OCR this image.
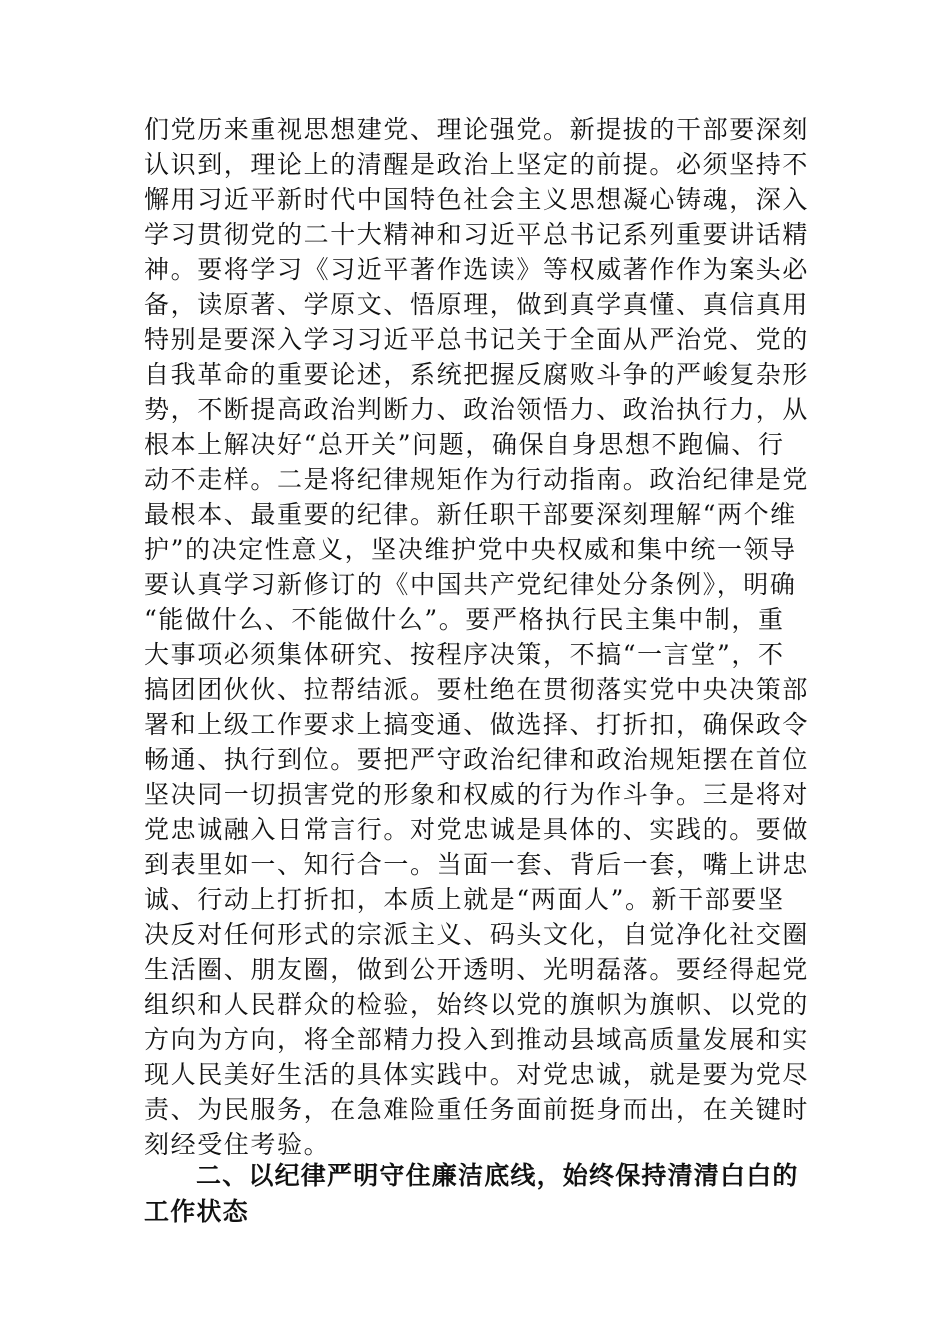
们党历来重视思想建党、理论强党。新提拔的干部要深刻
认识到，理论上的清醒是政治上坚定的前提。必须坚持不
懈用习近平新时代中国特色社会主义思想凝心铸魂，深入
学习贯彻党的二十大精神和习近平总书记系列重要讲话精
神。要将学习《习近平著作选读》等权威著作作为案头必
备，读原著、学原文、悟原理，做到真学真懂、真信真用
特别是要深入学习习近平总书记关于全面从严治党、党的
自我革命的重要论述，系统把握反腐败斗争的严峻复杂形
势，不断提高政治判断力、政治领悟力、政治执行力，从
根本上解决好“总开关”问题，确保自身思想不跑偏、行
动不走样。二是将纪律规矩作为行动指南。政治纪律是党
最根本、最重要的纪律。新任职干部要深刻理解“两个维
护”的决定性意义，坚决维护党中央权威和集中统一领导
要认真学习新修订的《中国共产党纪律处分条例》，明确
“能做什么、不能做什么”。要严格执行民主集中制，重
大事项必须集体研究、按程序决策，不搞“一言堂”，不
搞团团伙伙、拉帮结派。要杜绝在贯彻落实党中央决策部
署和上级工作要求上搞变通、做选择、打折扣，确保政令
畅通、执行到位。要把严守政治纪律和政治规矩摆在首位
坚决同一切损害党的形象和权威的行为作斗争。三是将对
党忠诚融入日常言行。对党忠诚是具体的、实践的。要做
到表里如一、知行合一。当面一套、背后一套，嘴上讲忠
诚、行动上打折扣，本质上就是“两面人”。新干部要坚
决反对任何形式的宗派主义、码头文化，自觉净化社交圈
生活圈、朋友圈，做到公开透明、光明磊落。要经得起党
组织和人民群众的检验，始终以党的旗帜为旗帜、以党的
方向为方向，将全部精力投入到推动县域高质量发展和实
现人民美好生活的具体实践中。对党忠诚，就是要为党尽
责、为民服务，在急难险重任务面前挺身而出，在关键时
刻经受住考验。
二、以纪律严明守住廉洁底线，始终保持清清白白的
工作状态
